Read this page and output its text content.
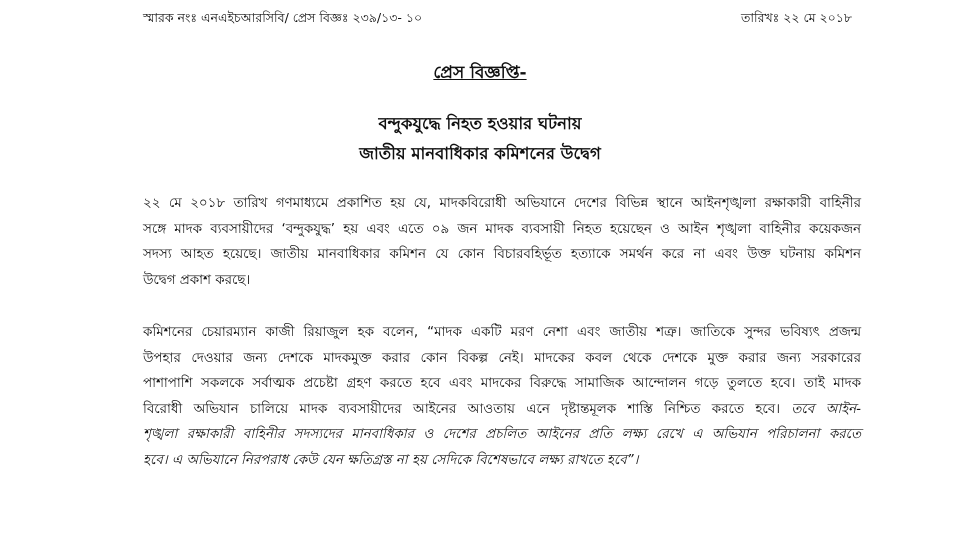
স্মারক নংঃ এনএইচআরসিবি/ প্রেস বিজ্ঞঃ ২৩৯/১৩- ১০	তারিখঃ ২২ মে ২০১৮
প্রেস বিজ্ঞপ্তি-
বন্দুকযুদ্ধে নিহত হওয়ার ঘটনায়
জাতীয় মানবাধিকার কমিশনের উদ্বেগ
২২ মে ২০১৮ তারিখ গণমাধ্যমে প্রকাশিত হয় যে, মাদকবিরোধী অভিযানে দেশের বিভিন্ন স্থানে আইনশৃঙ্খলা রক্ষাকারী বাহিনীর
সঙ্গে মাদক ব্যবসায়ীদের ‘বন্দুকযুদ্ধ’ হয় এবং এতে ০৯ জন মাদক ব্যবসায়ী নিহত হয়েছেন ও আইন শৃঙ্খলা বাহিনীর কয়েকজন
সদস্য আহত হয়েছে। জাতীয় মানবাধিকার কমিশন যে কোন বিচারবহির্ভূত হত্যাকে সমর্থন করে না এবং উক্ত ঘটনায় কমিশন
উদ্বেগ প্রকাশ করছে।
কমিশনের চেয়ারম্যান কাজী রিয়াজুল হক বলেন, “মাদক একটি মরণ নেশা এবং জাতীয় শত্রু। জাতিকে সুন্দর ভবিষ্যৎ প্রজন্ম
উপহার দেওয়ার জন্য দেশকে মাদকমুক্ত করার কোন বিকল্প নেই। মাদকের কবল থেকে দেশকে মুক্ত করার জন্য সরকারের
পাশাপাশি সকলকে সর্বাত্মক প্রচেষ্টা গ্রহণ করতে হবে এবং মাদকের বিরুদ্ধে সামাজিক আন্দোলন গড়ে তুলতে হবে। তাই মাদক
বিরোধী অভিযান চালিয়ে মাদক ব্যবসায়ীদের আইনের আওতায় এনে দৃষ্টান্তমূলক শাস্তি নিশ্চিত করতে হবে। তবে আইন-
শৃঙ্খলা রক্ষাকারী বাহিনীর সদস্যদের মানবাধিকার ও দেশের প্রচলিত আইনের প্রতি লক্ষ্য রেখে এ অভিযান পরিচালনা করতে
হবে। এ অভিযানে নিরপরাধ কেউ যেন ক্ষতিগ্রস্ত না হয় সেদিকে বিশেষভাবে লক্ষ্য রাখতে হবে”।
